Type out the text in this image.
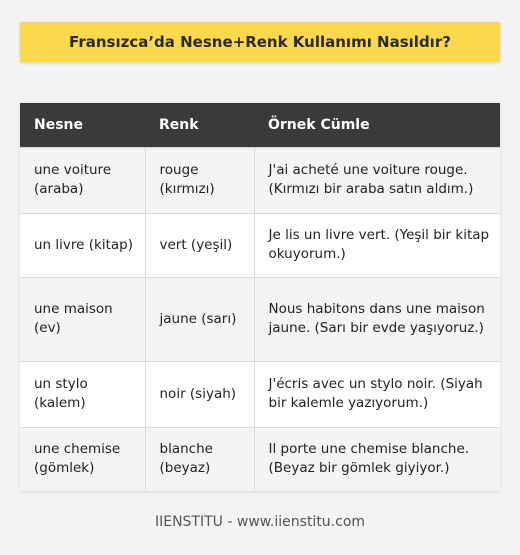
Fransızca’da Nesne+Renk Kullanımı Nasıldır?
Nesne	Renk	Örnek Cümle
une voiture (araba)	rouge (kırmızı)	J'ai acheté une voiture rouge. (Kırmızı bir araba satın aldım.)
un livre (kitap)	vert (yeşil)	Je lis un livre vert. (Yeşil bir kitap okuyorum.)
une maison (ev)	jaune (sarı)	Nous habitons dans une maison jaune. (Sarı bir evde yaşıyoruz.)
un stylo (kalem)	noir (siyah)	J'écris avec un stylo noir. (Siyah bir kalemle yazıyorum.)
une chemise (gömlek)	blanche (beyaz)	Il porte une chemise blanche. (Beyaz bir gömlek giyiyor.)
IIENSTITU - www.iienstitu.com
